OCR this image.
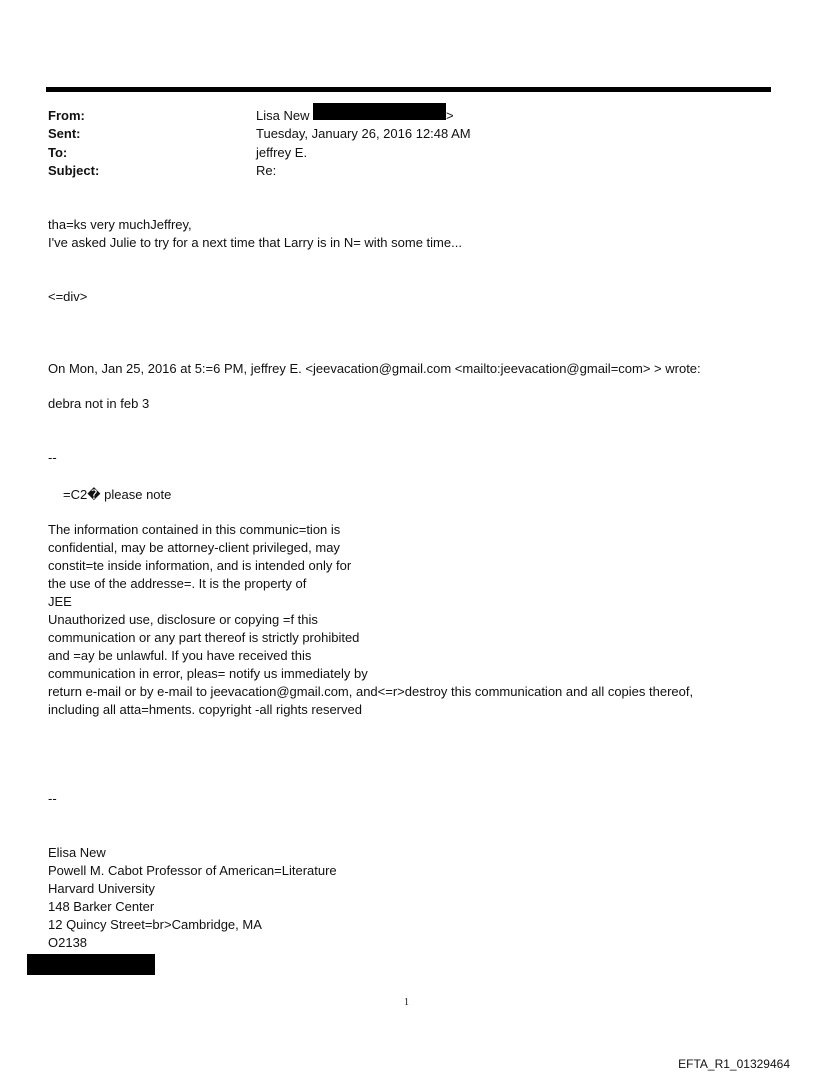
From:	Lisa New	>
Sent:	Tuesday, January 26, 2016 12:48 AM
To:	jeffrey E.
Subject:	Re:
tha=ks very muchJeffrey,
I've asked Julie to try for a next time that Larry is in N= with some time...
<=div>
On Mon, Jan 25, 2016 at 5:=6 PM, jeffrey E. <jeevacation@gmail.com <mailto:jeevacation@gmail=com> > wrote:
debra not in feb 3
--
=C2� please note
The information contained in this communic=tion is
confidential, may be attorney-client privileged, may
constit=te inside information, and is intended only for
the use of the addresse=. It is the property of
JEE
Unauthorized use, disclosure or copying =f this
communication or any part thereof is strictly prohibited
and =ay be unlawful. If you have received this
communication in error, pleas= notify us immediately by
return e-mail or by e-mail to jeevacation@gmail.com, and<=r>destroy this communication and all copies thereof,
including all atta=hments. copyright -all rights reserved
--
Elisa New
Powell M. Cabot Professor of American=Literature
Harvard University
148 Barker Center
12 Quincy Street=br>Cambridge, MA
O2138
1
EFTA_R1_01329464
